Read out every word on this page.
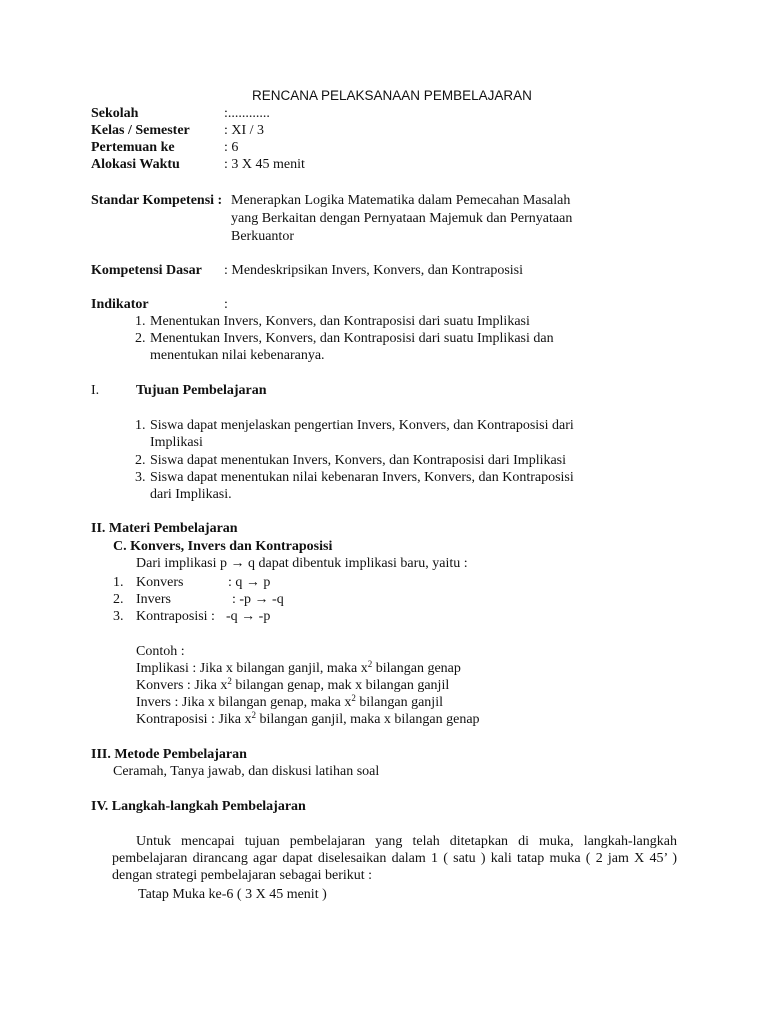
RENCANA PELAKSANAAN PEMBELAJARAN
Sekolah	:............
Kelas / Semester : XI / 3
Pertemuan ke	: 6
Alokasi Waktu	: 3 X 45 menit
Standar Kompetensi : Menerapkan Logika Matematika dalam Pemecahan Masalah
yang Berkaitan dengan Pernyataan Majemuk dan Pernyataan
Berkuantor
Kompetensi Dasar : Mendeskripsikan Invers, Konvers, dan Kontraposisi
Indikator	:
1. Menentukan Invers, Konvers, dan Kontraposisi dari suatu Implikasi
2. Menentukan Invers, Konvers, dan Kontraposisi dari suatu Implikasi dan
menentukan nilai kebenaranya.
I.	Tujuan Pembelajaran
1. Siswa dapat menjelaskan pengertian Invers, Konvers, dan Kontraposisi dari
Implikasi
2. Siswa dapat menentukan Invers, Konvers, dan Kontraposisi dari Implikasi
3. Siswa dapat menentukan nilai kebenaran Invers, Konvers, dan Kontraposisi
dari Implikasi.
II. Materi Pembelajaran
C. Konvers, Invers dan Kontraposisi
Dari implikasi p → q dapat dibentuk implikasi baru, yaitu :
1. Konvers	: q → p
2. Invers	: -p → -q
3. Kontraposisi : -q → -p
Contoh :
Implikasi : Jika x bilangan ganjil, maka $x^2$ bilangan genap
Konvers : Jika $x^2$ bilangan genap, mak x bilangan ganjil
Invers : Jika x bilangan genap, maka $x^2$ bilangan ganjil
Kontraposisi : Jika $x^2$ bilangan ganjil, maka x bilangan genap
III. Metode Pembelajaran
Ceramah, Tanya jawab, dan diskusi latihan soal
IV. Langkah-langkah Pembelajaran
Untuk mencapai tujuan pembelajaran yang telah ditetapkan di muka, langkah-langkah pembelajaran dirancang agar dapat diselesaikan dalam 1 ( satu ) kali tatap muka ( 2 jam X 45’ ) dengan strategi pembelajaran sebagai berikut :
Tatap Muka ke-6 ( 3 X 45 menit )
